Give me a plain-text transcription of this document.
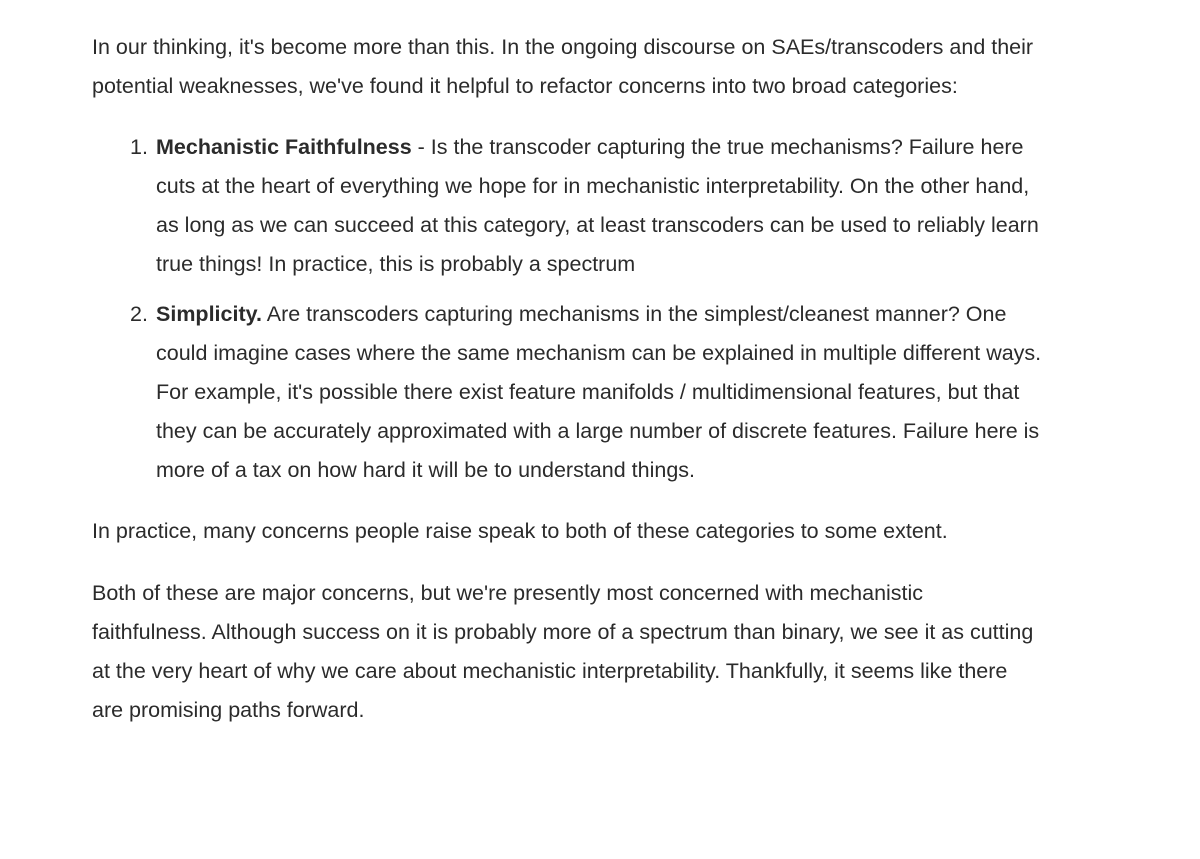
In our thinking, it's become more than this. In the ongoing discourse on SAEs/transcoders and their potential weaknesses, we've found it helpful to refactor concerns into two broad categories:

1. Mechanistic Faithfulness - Is the transcoder capturing the true mechanisms? Failure here cuts at the heart of everything we hope for in mechanistic interpretability. On the other hand, as long as we can succeed at this category, at least transcoders can be used to reliably learn true things! In practice, this is probably a spectrum
2. Simplicity. Are transcoders capturing mechanisms in the simplest/cleanest manner? One could imagine cases where the same mechanism can be explained in multiple different ways. For example, it's possible there exist feature manifolds / multidimensional features, but that they can be accurately approximated with a large number of discrete features. Failure here is more of a tax on how hard it will be to understand things.

In practice, many concerns people raise speak to both of these categories to some extent.

Both of these are major concerns, but we're presently most concerned with mechanistic faithfulness. Although success on it is probably more of a spectrum than binary, we see it as cutting at the very heart of why we care about mechanistic interpretability. Thankfully, it seems like there are promising paths forward.
